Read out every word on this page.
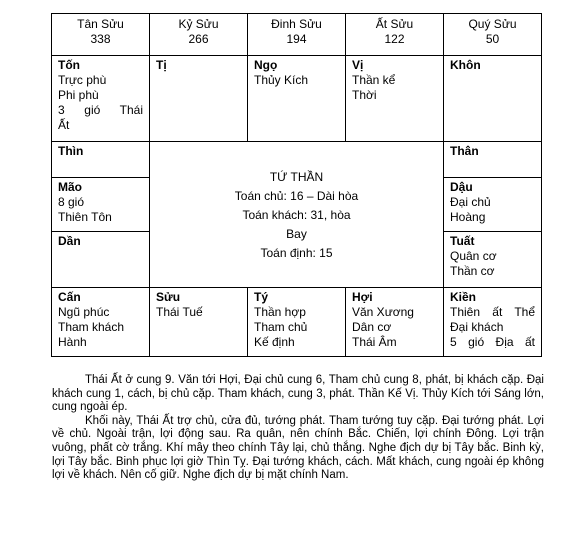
Tân Sửu
338
Kỷ Sửu
266
Đinh Sửu
194
Ất Sửu
122
Quý Sửu
50
Tốn
Trực phù
Phi phù
3 gió Thái
Ất
Tị	Ngọ
Thủy Kích
Vị
Thần kể
Thời
Khôn
Thìn
Mão
8 gió
Thiên Tôn
Dần
TỨ THẦN
Toán chủ: 16 – Dài hòa
Toán khách: 31, hòa
Bay
Toán định: 15
Thân
Dậu
Đại chủ
Hoàng
Tuất
Quân cơ
Thần cơ
Cấn
Ngũ phúc
Tham khách
Hành
Sửu
Thái Tuế
Tý
Thần hợp
Tham chủ
Kế định
Hợi
Văn Xương
Dân cơ
Thái Âm
Kiền
Thiên ất Thể
Đại khách
5 gió Địa ất

Thái Ất ở cung 9. Văn tới Hợi, Đại chủ cung 6, Tham chủ cung 8, phát, bị khách cặp. Đại khách cung 1, cách, bị chủ cặp. Tham khách, cung 3, phát. Thần Kế Vị. Thủy Kích tới Sáng lớn, cung ngoài ép.

Khối này, Thái Ất trợ chủ, cửa đủ, tướng phát. Tham tướng tuy cặp. Đại tướng phát. Lợi về chủ. Ngoài trận, lợi động sau. Ra quân, nên chính Bắc. Chiến, lợi chính Đông. Lợi trận vuông, phất cờ trắng. Khí mây theo chính Tây lại, chủ thắng. Nghe địch dự bị Tây bắc. Binh kỳ, lợi Tây bắc. Binh phục lợi giờ Thìn Tỵ. Đại tướng khách, cách. Mất khách, cung ngoài ép không lợi về khách. Nên cố giữ. Nghe địch dự bị mặt chính Nam.
